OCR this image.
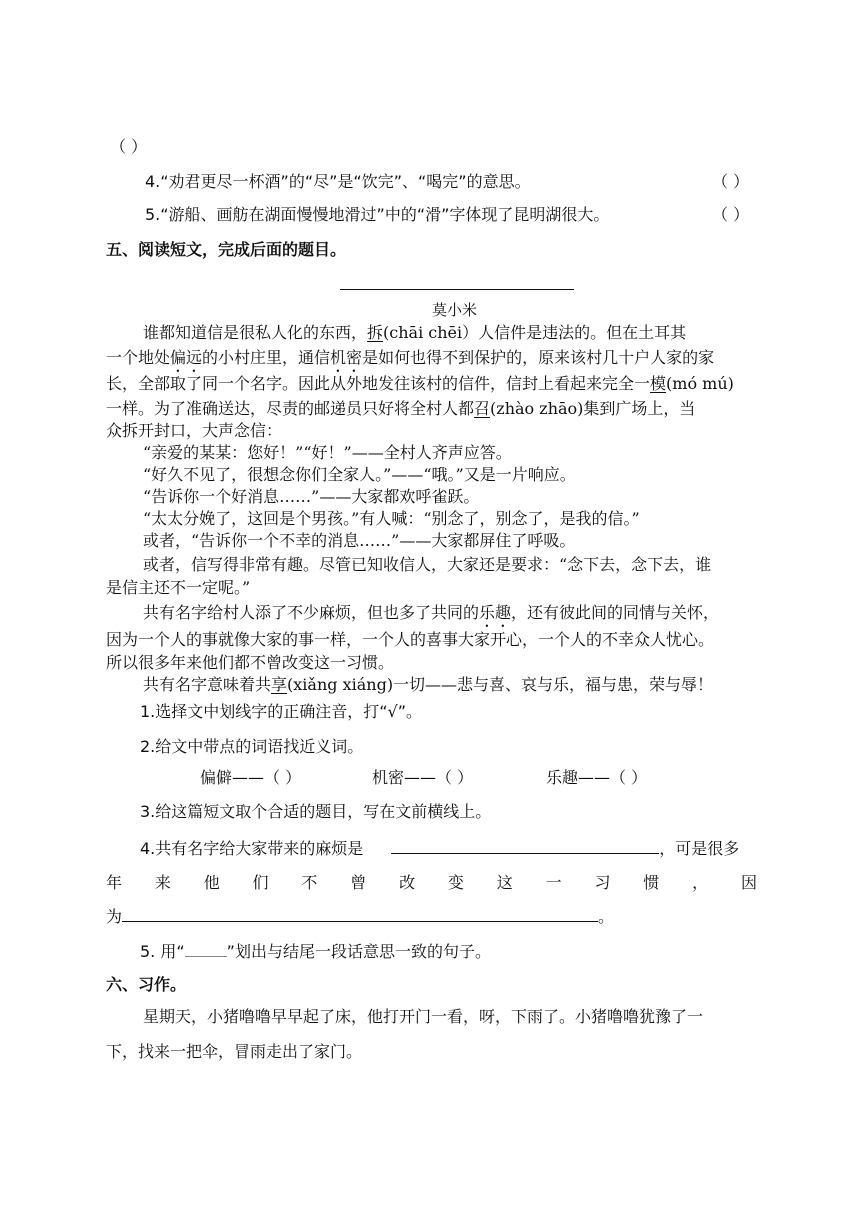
（ ）
4.“劝君更尽一杯酒”的“尽”是“饮完”、“喝完”的意思。	（ ）
5.“游船、画舫在湖面慢慢地滑过”中的“滑”字体现了昆明湖很大。	（ ）
五、阅读短文，完成后面的题目。
莫小米
谁都知道信是很私人化的东西，拆(chāi chēi）人信件是违法的。但在土耳其
一个地处偏远的小村庄里，通信机密是如何也得不到保护的，原来该村几十户人家的家
长，全部取了同一个名字。因此从外地发往该村的信件，信封上看起来完全一模(mó mú)
一样。为了准确送达，尽责的邮递员只好将全村人都召(zhào zhāo)集到广场上，当
众拆开封口，大声念信：
“亲爱的某某：您好！”“好！”——全村人齐声应答。
“好久不见了，很想念你们全家人。”——“哦。”又是一片响应。
“告诉你一个好消息……”——大家都欢呼雀跃。
“太太分娩了，这回是个男孩。”有人喊：“别念了，别念了，是我的信。”
或者，“告诉你一个不幸的消息……”——大家都屏住了呼吸。
或者，信写得非常有趣。尽管已知收信人，大家还是要求：“念下去，念下去，谁
是信主还不一定呢。”
共有名字给村人添了不少麻烦，但也多了共同的乐趣，还有彼此间的同情与关怀，
因为一个人的事就像大家的事一样，一个人的喜事大家开心，一个人的不幸众人忧心。
所以很多年来他们都不曾改变这一习惯。
共有名字意味着共享(xiǎng xiáng)一切——悲与喜、哀与乐，福与患，荣与辱！
1.选择文中划线字的正确注音，打“√”。
2.给文中带点的词语找近义词。
偏僻——（ ）	机密——（ ）	乐趣——（ ）
3.给这篇短文取个合适的题目，写在文前横线上。
4.共有名字给大家带来的麻烦是	，可是很多
年 来 他 们 不 曾 改 变 这 一 习 惯 ， 因
为	。
5. 用“	”划出与结尾一段话意思一致的句子。
六、习作。
星期天，小猪噜噜早早起了床，他打开门一看，呀，下雨了。小猪噜噜犹豫了一
下，找来一把伞，冒雨走出了家门。
